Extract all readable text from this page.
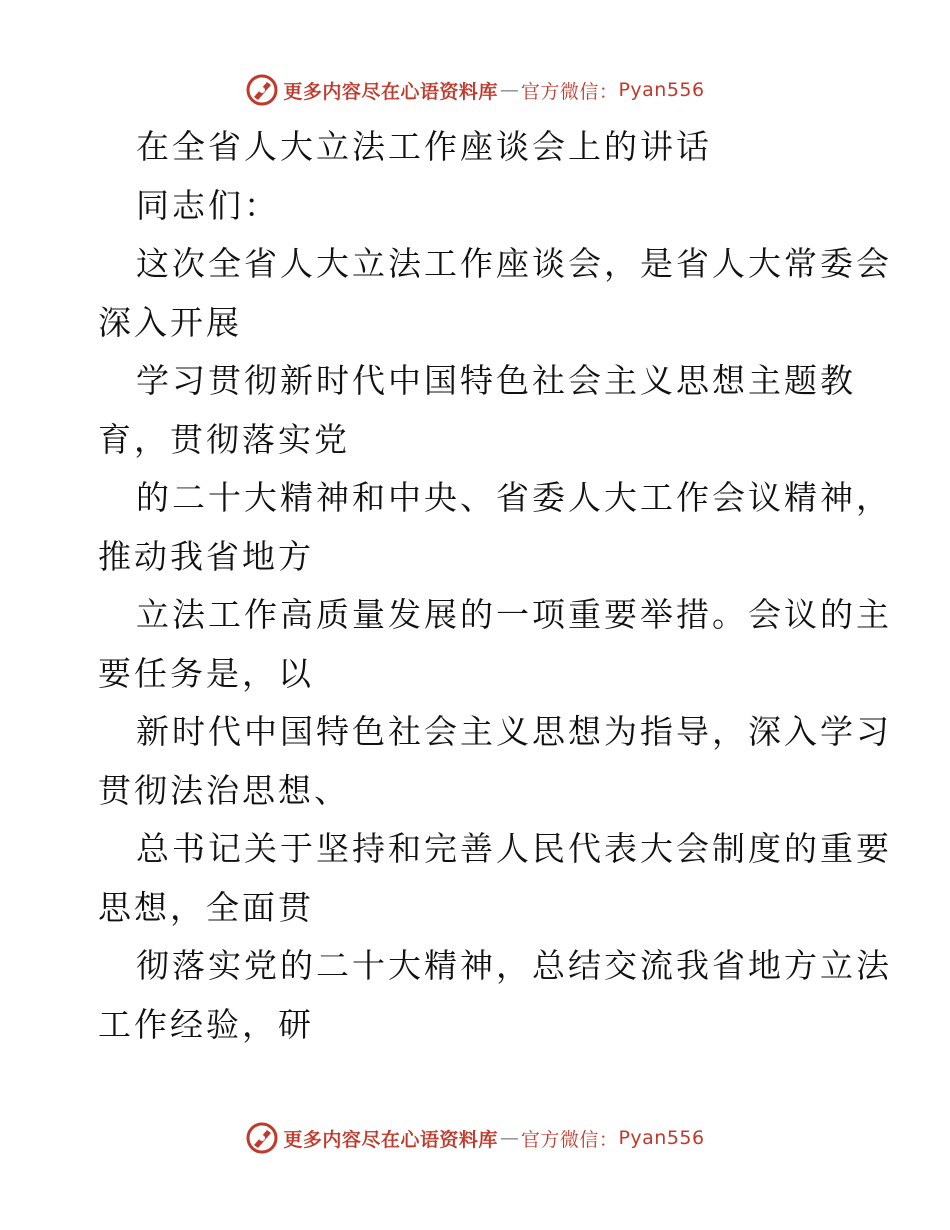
更多内容尽在心语资料库 — 官方微信： Pyan556
在全省人大立法工作座谈会上的讲话
同志们：
这次全省人大立法工作座谈会，是省人大常委会
深入开展
学习贯彻新时代中国特色社会主义思想主题教
育，贯彻落实党
的二十大精神和中央、省委人大工作会议精神，
推动我省地方
立法工作高质量发展的一项重要举措。会议的主
要任务是，以
新时代中国特色社会主义思想为指导，深入学习
贯彻法治思想、
总书记关于坚持和完善人民代表大会制度的重要
思想，全面贯
彻落实党的二十大精神，总结交流我省地方立法
工作经验，研
更多内容尽在心语资料库 — 官方微信： Pyan556
